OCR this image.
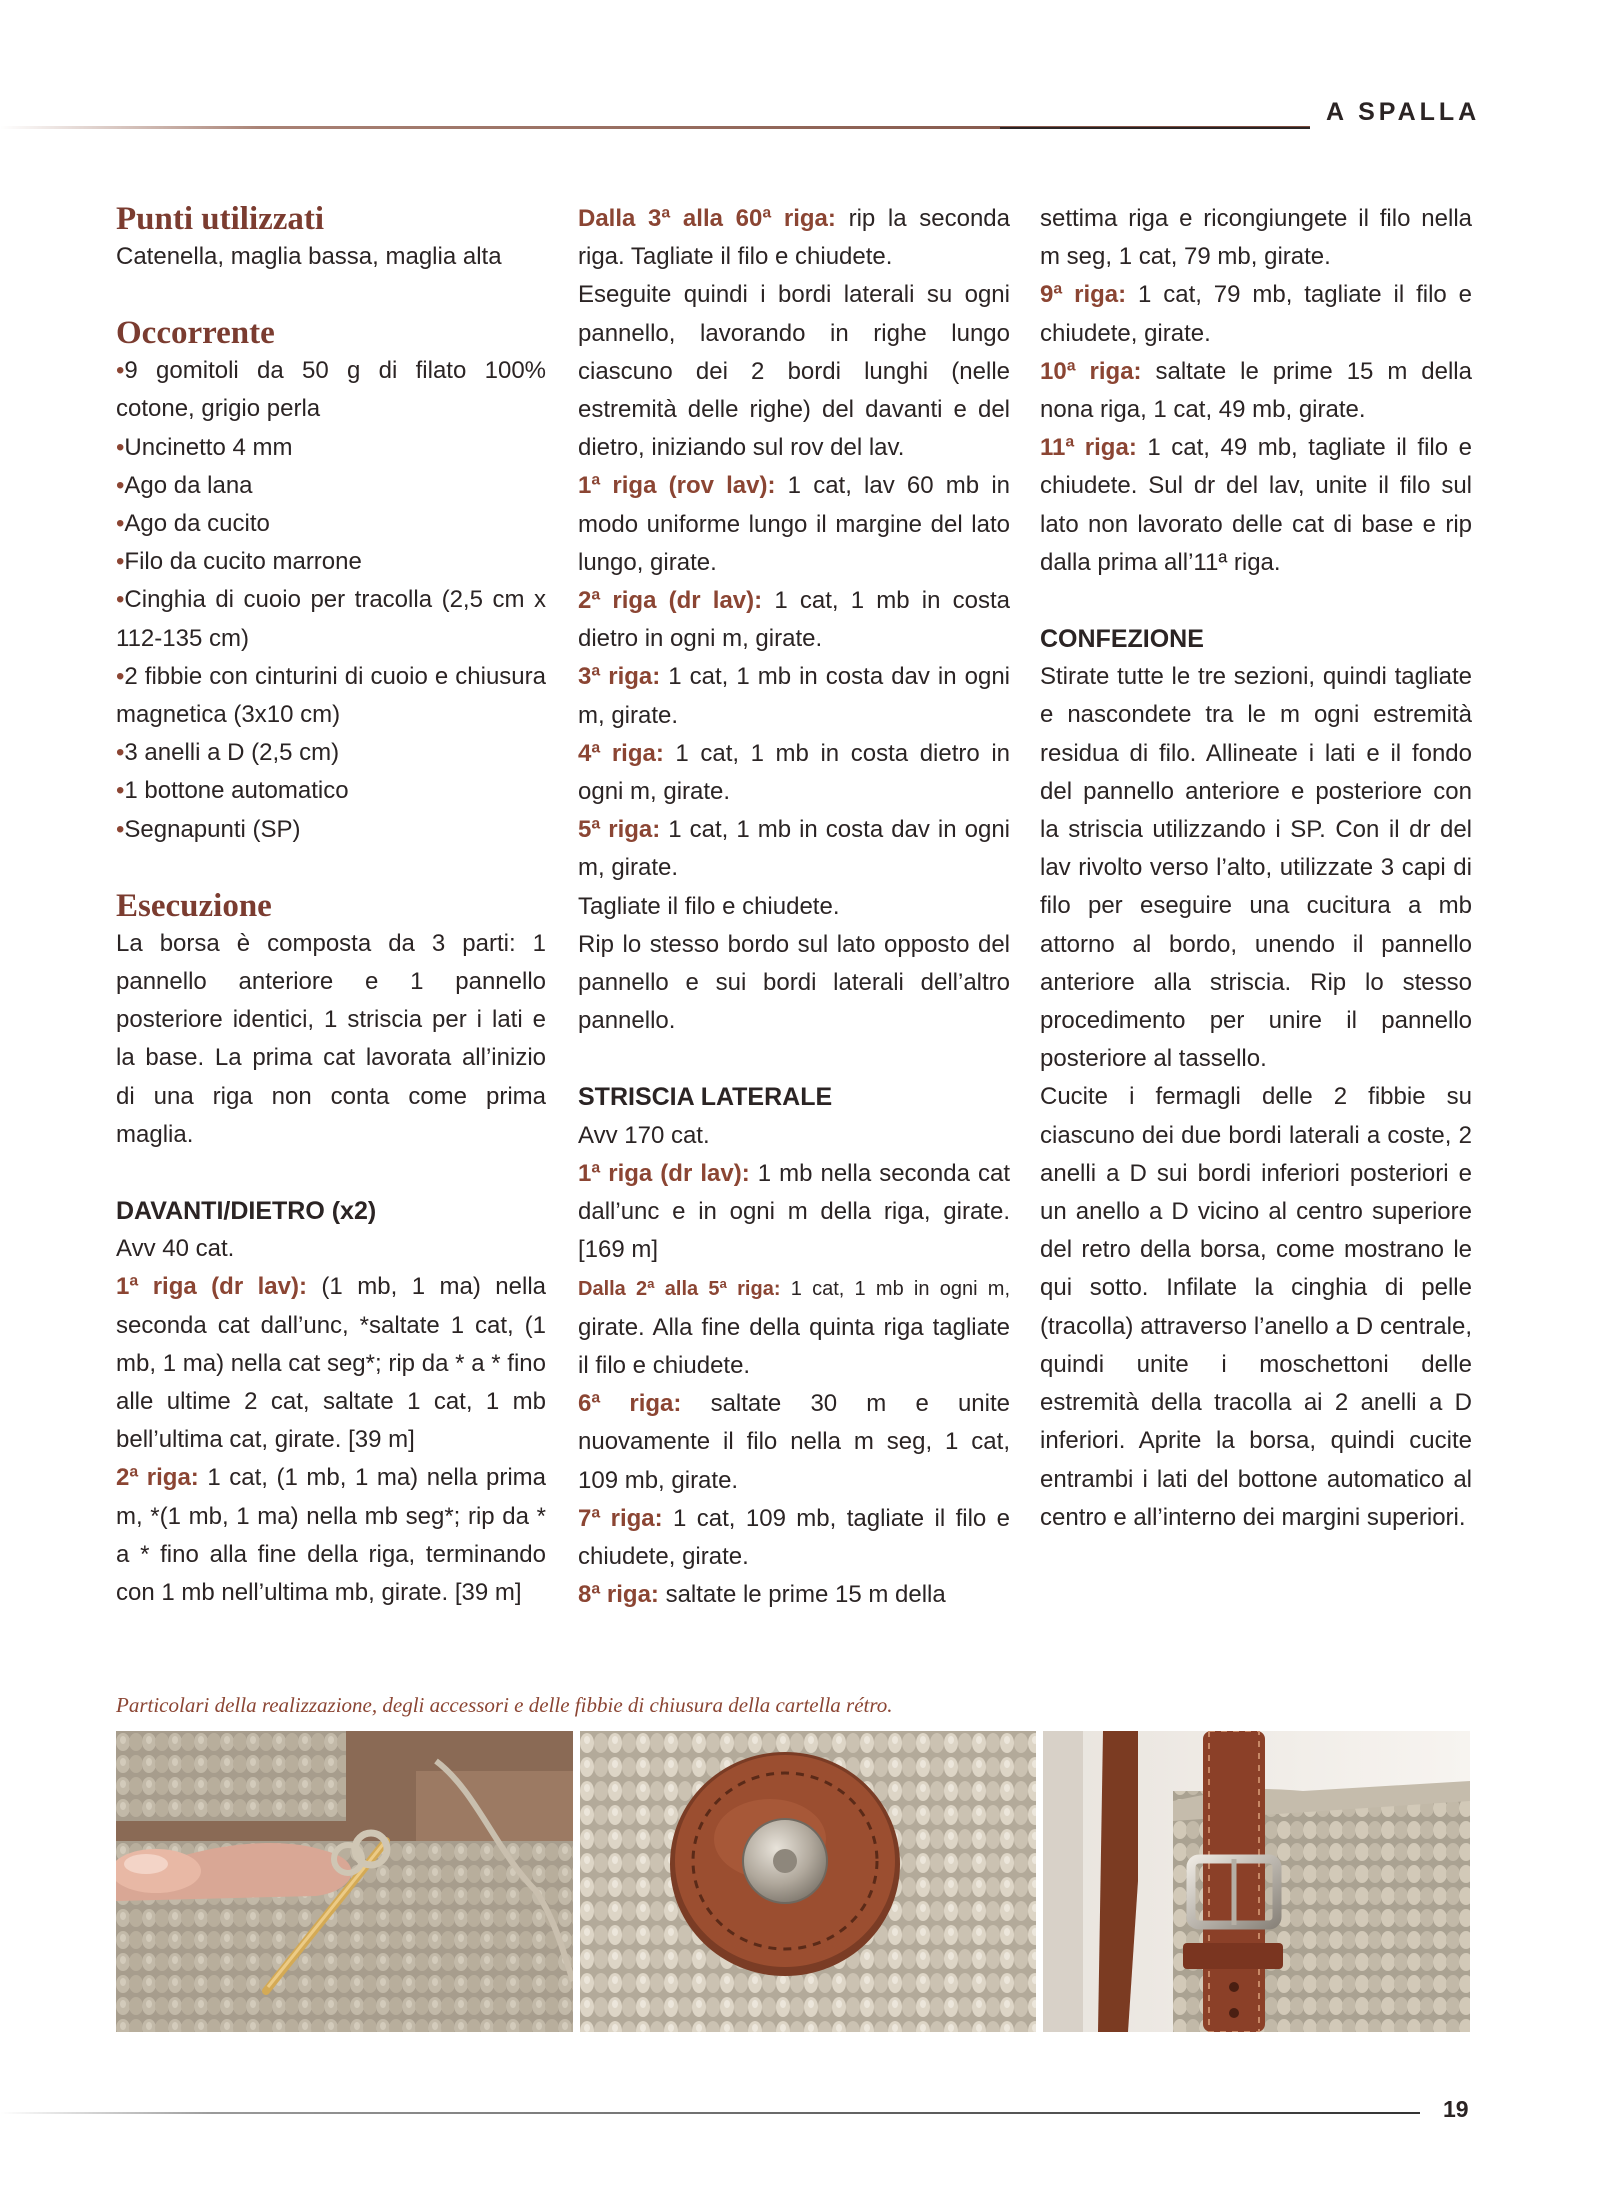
A SPALLA
Punti utilizzati

Catenella, maglia bassa, maglia alta

Occorrente

•9 gomitoli da 50 g di filato 100% cotone, grigio perla

•Uncinetto 4 mm

•Ago da lana

•Ago da cucito

•Filo da cucito marrone

•Cinghia di cuoio per tracolla (2,5 cm x 112-135 cm)

•2 fibbie con cinturini di cuoio e chiusura magnetica (3x10 cm)

•3 anelli a D (2,5 cm)

•1 bottone automatico

•Segnapunti (SP)

Esecuzione

La borsa è composta da 3 parti: 1 pannello anteriore e 1 pannello posteriore identici, 1 striscia per i lati e la base. La prima cat lavorata all’inizio di una riga non conta come prima maglia.

DAVANTI/DIETRO (x2)

Avv 40 cat.

1ª riga (dr lav): (1 mb, 1 ma) nella seconda cat dall’unc, *saltate 1 cat, (1 mb, 1 ma) nella cat seg*; rip da * a * fino alle ultime 2 cat, saltate 1 cat, 1 mb bell’ultima cat, girate. [39 m]

2ª riga: 1 cat, (1 mb, 1 ma) nella prima m, *(1 mb, 1 ma) nella mb seg*; rip da * a * fino alla fine della riga, terminando con 1 mb nell’ultima mb, girate. [39 m]

Dalla 3ª alla 60ª riga: rip la seconda riga. Tagliate il filo e chiudete.

Eseguite quindi i bordi laterali su ogni pannello, lavorando in righe lungo ciascuno dei 2 bordi lunghi (nelle estremità delle righe) del davanti e del dietro, iniziando sul rov del lav.

1ª riga (rov lav): 1 cat, lav 60 mb in modo uniforme lungo il margine del lato lungo, girate.

2ª riga (dr lav): 1 cat, 1 mb in costa dietro in ogni m, girate.

3ª riga: 1 cat, 1 mb in costa dav in ogni m, girate.

4ª riga: 1 cat, 1 mb in costa dietro in ogni m, girate.

5ª riga: 1 cat, 1 mb in costa dav in ogni m, girate.

Tagliate il filo e chiudete.

Rip lo stesso bordo sul lato opposto del pannello e sui bordi laterali dell’altro pannello.

STRISCIA LATERALE

Avv 170 cat.

1ª riga (dr lav): 1 mb nella seconda cat dall’unc e in ogni m della riga, girate. [169 m]

Dalla 2ª alla 5ª riga: 1 cat, 1 mb in ogni m, girate. Alla fine della quinta riga tagliate il filo e chiudete.

6ª riga: saltate 30 m e unite nuovamente il filo nella m seg, 1 cat, 109 mb, girate.

7ª riga: 1 cat, 109 mb, tagliate il filo e chiudete, girate.

8ª riga: saltate le prime 15 m della

settima riga e ricongiungete il filo nella m seg, 1 cat, 79 mb, girate.

9ª riga: 1 cat, 79 mb, tagliate il filo e chiudete, girate.

10ª riga: saltate le prime 15 m della nona riga, 1 cat, 49 mb, girate.

11ª riga: 1 cat, 49 mb, tagliate il filo e chiudete. Sul dr del lav, unite il filo sul lato non lavorato delle cat di base e rip dalla prima all’11ª riga.

CONFEZIONE

Stirate tutte le tre sezioni, quindi tagliate e nascondete tra le m ogni estremità residua di filo. Allineate i lati e il fondo del pannello anteriore e posteriore con la striscia utilizzando i SP. Con il dr del lav rivolto verso l’alto, utilizzate 3 capi di filo per eseguire una cucitura a mb attorno al bordo, unendo il pannello anteriore alla striscia. Rip lo stesso procedimento per unire il pannello posteriore al tassello.

Cucite i fermagli delle 2 fibbie su ciascuno dei due bordi laterali a coste, 2 anelli a D sui bordi inferiori posteriori e un anello a D vicino al centro superiore del retro della borsa, come mostrano le qui sotto. Infilate la cinghia di pelle (tracolla) attraverso l’anello a D centrale, quindi unite i moschettoni delle estremità della tracolla ai 2 anelli a D inferiori. Aprite la borsa, quindi cucite entrambi i lati del bottone automatico al centro e all’interno dei margini superiori.

Particolari della realizzazione, degli accessori e delle fibbie di chiusura della cartella rétro.
19
